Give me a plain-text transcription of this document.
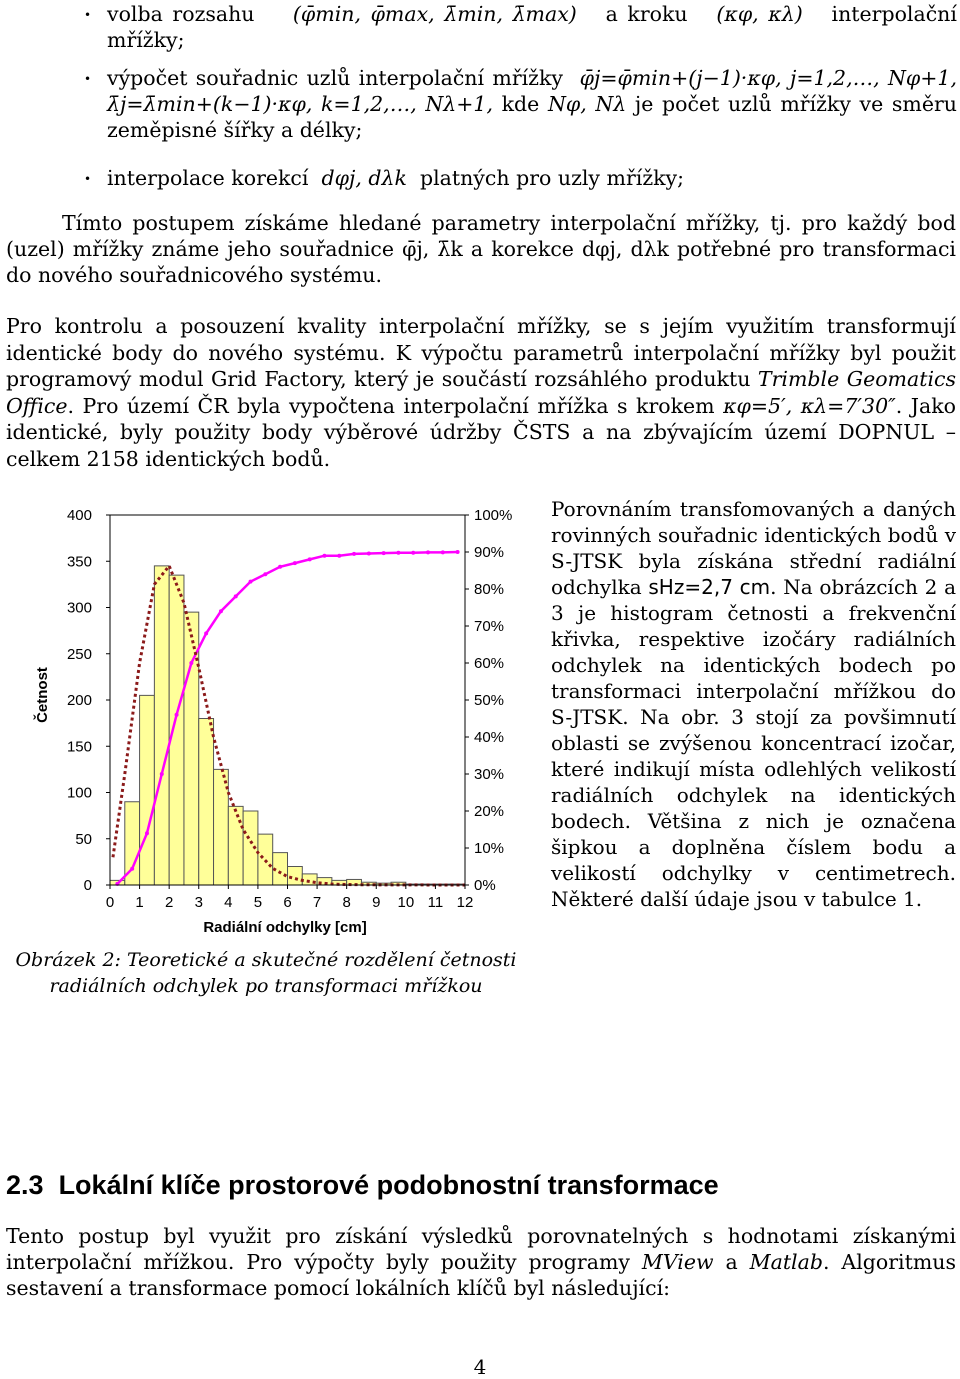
• volba rozsahu (φ̄min, φ̄max, λ̄min, λ̄max) a kroku (κφ, κλ) interpolační mřížky;
• výpočet souřadnic uzlů interpolační mřížky φ̄j=φ̄min+(j−1)·κφ, j=1,2,…, Nφ+1, λ̄j=λ̄min+(k−1)·κφ, k=1,2,…, Nλ+1, kde Nφ, Nλ je počet uzlů mřížky ve směru zeměpisné šířky a délky;
• interpolace korekcí dφj, dλk platných pro uzly mřížky;
Tímto postupem získáme hledané parametry interpolační mřížky, tj. pro každý bod (uzel) mřížky známe jeho souřadnice φ̄j, λ̄k a korekce dφj, dλk potřebné pro transformaci do nového souřadnicového systému.
Pro kontrolu a posouzení kvality interpolační mřížky, se s jejím využitím transformují identické body do nového systému. K výpočtu parametrů interpolační mřížky byl použit programový modul Grid Factory, který je součástí rozsáhlého produktu Trimble Geomatics Office. Pro území ČR byla vypočtena interpolační mřížka s krokem κφ=5′, κλ=7′30″. Jako identické, byly použity body výběrové údržby ČSTS a na zbývajícím území DOPNUL – celkem 2158 identických bodů.
0
50
100
150
200
250
300
350
400
0%
10%
20%
30%
40%
50%
60%
70%
80%
90%
100%
0 1 2 3 4 5 6 7 8 9 10 11 12
Radiální odchylky [cm]
Četnost
Obrázek 2: Teoretické a skutečné rozdělení četnosti radiálních odchylek po transformaci mřížkou
Porovnáním transfomovaných a daných rovinných souřadnic identických bodů v S-JTSK byla získána střední radiální odchylka sHz=2,7 cm. Na obrázcích 2 a 3 je histogram četnosti a frekvenční křivka, respektive izočáry radiálních odchylek na identických bodech po transformaci interpolační mřížkou do S-JTSK. Na obr. 3 stojí za povšimnutí oblasti se zvýšenou koncentrací izočar, které indikují místa odlehlých velikostí radiálních odchylek na identických bodech. Většina z nich je označena šipkou a doplněna číslem bodu a velikostí odchylky v centimetrech. Některé další údaje jsou v tabulce 1.
2.3 Lokální klíče prostorové podobnostní transformace
Tento postup byl využit pro získání výsledků porovnatelných s hodnotami získanými interpolační mřížkou. Pro výpočty byly použity programy MView a Matlab. Algoritmus sestavení a transformace pomocí lokálních klíčů byl následující:
4
